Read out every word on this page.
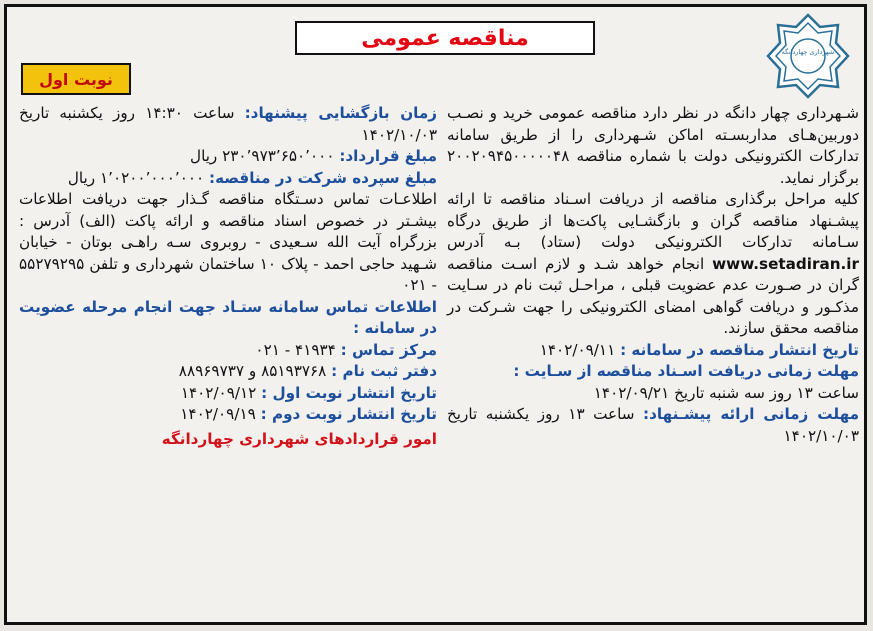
مناقصه عمومی
شهرداری چهاردانگه
نوبت اول

شـهرداری چهار دانگه در نظر دارد مناقصه عمومی خرید و نصـب دوربین‌هـای مداربسـته اماکن شـهرداری را از طریق سامانه تدارکات الکترونیکی دولت با شماره مناقصه ۲۰۰۲۰۹۴۵۰۰۰۰۰۴۸ برگزار نماید.

کلیه مراحل برگذاری مناقصه از دریافت اسـناد مناقصه تا ارائه پیشـنهاد مناقصه گران و بازگشـایی پاکت‌ها از طریق درگاه سـامانه تدارکات الکترونیکی دولت (ستاد) بـه آدرس www.setadiran.ir انجام خواهد شـد و لازم اسـت مناقصه گران در صـورت عدم عضویت قبلی ، مراحـل ثبت نام در سـایت مذکـور و دریافت گواهی امضای الکترونیکی را جهت شـرکت در مناقصه محقق سازند.

تاریخ انتشار مناقصه در سامانه : ۱۴۰۲/۰۹/۱۱

مهلت زمانی دریافت اسـناد مناقصه از سـایت :

ساعت ۱۳ روز سه شنبه تاریخ ۱۴۰۲/۰۹/۲۱

مهلت زمانی ارائه پیشـنهاد: ساعت ۱۳ روز یکشنبه تاریخ ۱۴۰۲/۱۰/۰۳

زمان بازگشایی پیشنهاد: ساعت ۱۴:۳۰ روز یکشنبه تاریخ ۱۴۰۲/۱۰/۰۳

مبلغ قرارداد: ۲۳۰٬۹۷۳٬۶۵۰٬۰۰۰ ریال

مبلغ سپرده شرکت در مناقصه: ۱٬۰۲۰۰٬۰۰۰٬۰۰۰ ریال

اطلاعـات تماس دسـتگاه مناقصه گـذار جهت دریافت اطلاعات بیشـتر در خصوص اسناد مناقصه و ارائه پاکت (الف) آدرس : بزرگراه آیت الله سـعیدی - روبروی سـه راهـی بوتان - خیابان شـهید حاجی احمد - پلاک ۱۰ ساختمان شهرداری و تلفن ۵۵۲۷۹۲۹۵ - ۰۲۱

اطلاعات تماس سامانه ستـاد جهت انجام مرحله عضویت در سامانه :

مرکز تماس : ۴۱۹۳۴ - ۰۲۱

دفتر ثبت نام : ۸۵۱۹۳۷۶۸ و ۸۸۹۶۹۷۳۷

تاریخ انتشار نوبت اول : ۱۴۰۲/۰۹/۱۲

تاریخ انتشار نوبت دوم : ۱۴۰۲/۰۹/۱۹

امور قراردادهای شهرداری چهاردانگه
